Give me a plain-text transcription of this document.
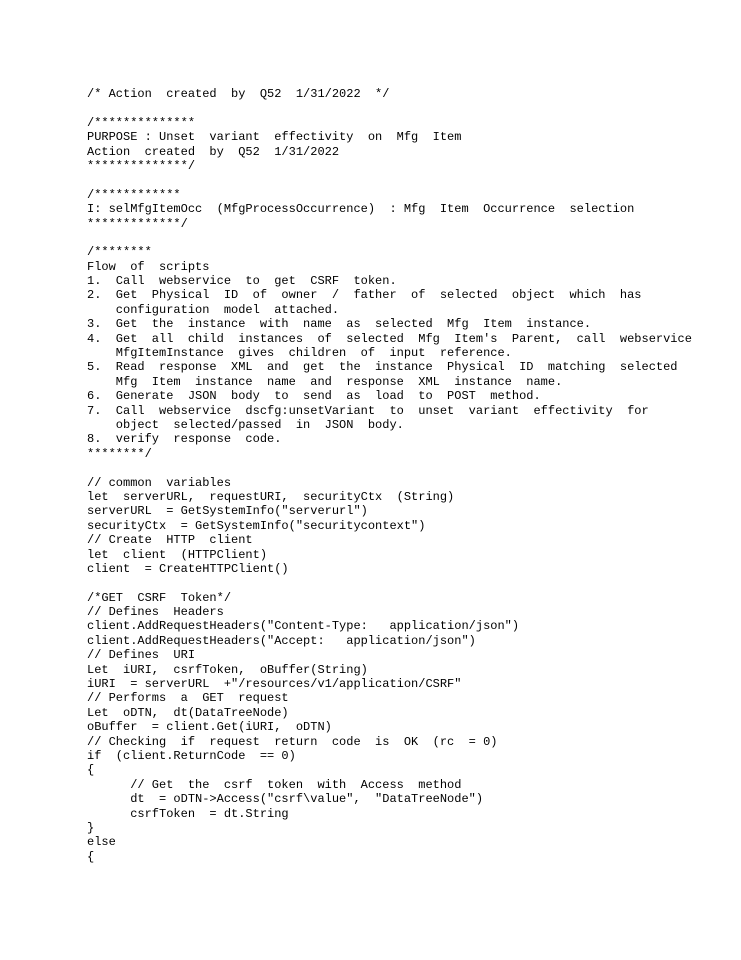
/* Action  created  by  Q52  1/31/2022  */
/**************
PURPOSE : Unset  variant  effectivity  on  Mfg  Item
Action  created  by  Q52  1/31/2022
**************/
/************
I: selMfgItemOcc  (MfgProcessOccurrence)  : Mfg  Item  Occurrence  selection
*************/
/********
Flow  of  scripts
1.  Call  webservice  to  get  CSRF  token.
2.  Get  Physical  ID  of  owner  /  father  of  selected  object  which  has
configuration  model  attached.
3.  Get  the  instance  with  name  as  selected  Mfg  Item  instance.
4.  Get  all  child  instances  of  selected  Mfg  Item's  Parent,  call  webservice
MfgItemInstance  gives  children  of  input  reference.
5.  Read  response  XML  and  get  the  instance  Physical  ID  matching  selected
Mfg  Item  instance  name  and  response  XML  instance  name.
6.  Generate  JSON  body  to  send  as  load  to  POST  method.
7.  Call  webservice  dscfg:unsetVariant  to  unset  variant  effectivity  for
object  selected/passed  in  JSON  body.
8.  verify  response  code.
********/
// common  variables
let  serverURL,  requestURI,  securityCtx  (String)
serverURL  = GetSystemInfo("serverurl")
securityCtx  = GetSystemInfo("securitycontext")
// Create  HTTP  client
let  client  (HTTPClient)
client  = CreateHTTPClient()
/*GET  CSRF  Token*/
// Defines  Headers
client.AddRequestHeaders("Content-Type:   application/json")
client.AddRequestHeaders("Accept:   application/json")
// Defines  URI
Let  iURI,  csrfToken,  oBuffer(String)
iURI  = serverURL  +"/resources/v1/application/CSRF"
// Performs  a  GET  request
Let  oDTN,  dt(DataTreeNode)
oBuffer  = client.Get(iURI,  oDTN)
// Checking  if  request  return  code  is  OK  (rc  = 0)
if  (client.ReturnCode  == 0)
{
// Get  the  csrf  token  with  Access  method
dt  = oDTN->Access("csrf\value",  "DataTreeNode")
csrfToken  = dt.String
}
else
{
